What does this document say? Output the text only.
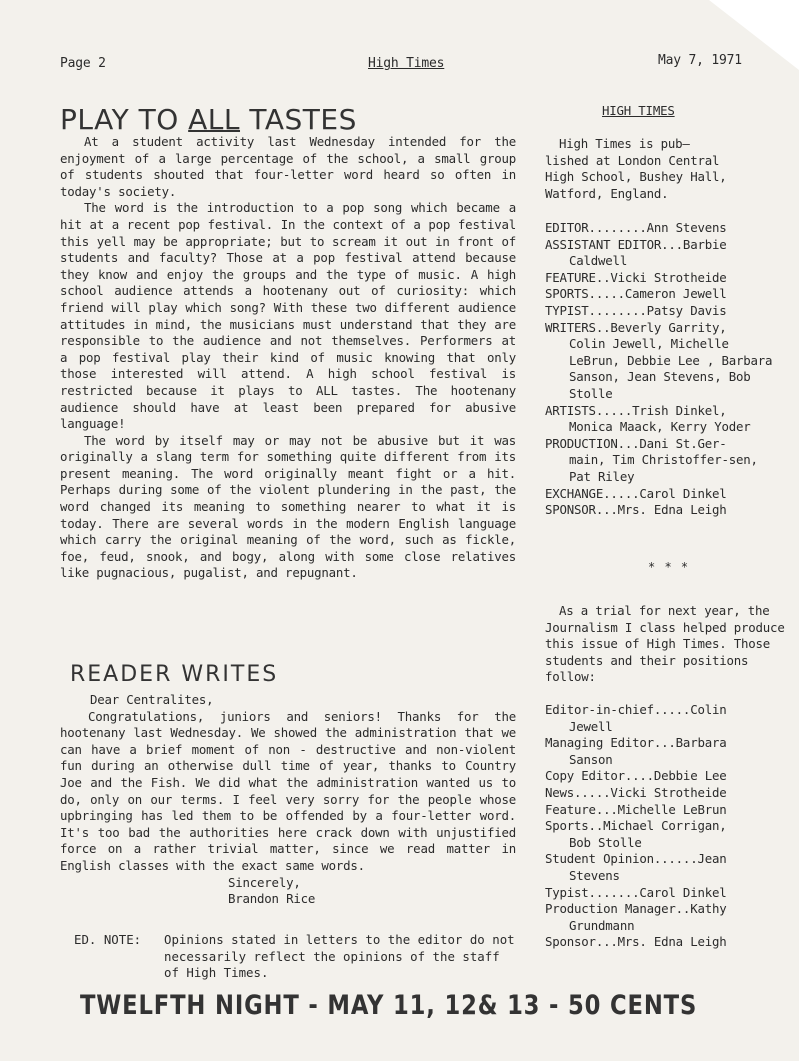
Page 2	High Times	May 7, 1971
PLAY TO ALL TASTES

At a student activity last Wednesday intended for the enjoyment of a large percentage of the school, a small group of students shouted that four-letter word heard so often in today's society.

The word is the introduction to a pop song which became a hit at a recent pop festival. In the context of a pop festival this yell may be appropriate; but to scream it out in front of students and faculty? Those at a pop festival attend because they know and enjoy the groups and the type of music. A high school audience attends a hootenany out of curiosity: which friend will play which song? With these two different audience attitudes in mind, the musicians must understand that they are responsible to the audience and not themselves. Performers at a pop festival play their kind of music knowing that only those interested will attend. A high school festival is restricted because it plays to ALL tastes. The hootenany audience should have at least been prepared for abusive language!

The word by itself may or may not be abusive but it was originally a slang term for something quite different from its present meaning. The word originally meant fight or a hit. Perhaps during some of the violent plundering in the past, the word changed its meaning to something nearer to what it is today. There are several words in the modern English language which carry the original meaning of the word, such as fickle, foe, feud, snook, and bogy, along with some close relatives like pugnacious, pugalist, and repugnant.

READER WRITES

Dear Centralites,

Congratulations, juniors and seniors! Thanks for the hootenany last Wednesday. We showed the administration that we can have a brief moment of non - destructive and non-violent fun during an otherwise dull time of year, thanks to Country Joe and the Fish. We did what the administration wanted us to do, only on our terms. I feel very sorry for the people whose upbringing has led them to be offended by a four-letter word. It's too bad the authorities here crack down with unjustified force on a rather trivial matter, since we read matter in English classes with the exact same words.

Sincerely,

Brandon Rice

ED. NOTE: Opinions stated in letters to the editor do not necessarily reflect the opinions of the staff of High Times.
TWELFTH NIGHT - MAY 11, 12& 13 - 50 CENTS
HIGH TIMES

High Times is pub—

lished at London Central

High School, Bushey Hall,

Watford, England.

EDITOR........Ann Stevens

ASSISTANT EDITOR...Barbie
Caldwell

FEATURE..Vicki Strotheide

SPORTS.....Cameron Jewell

TYPIST........Patsy Davis

WRITERS..Beverly Garrity,
Colin Jewell, Michelle LeBrun, Debbie Lee , Barbara Sanson, Jean Stevens, Bob Stolle

ARTISTS.....Trish Dinkel,
Monica Maack, Kerry Yoder

PRODUCTION...Dani St.Ger-
main, Tim Christoffer-sen, Pat Riley

EXCHANGE.....Carol Dinkel

SPONSOR...Mrs. Edna Leigh

* * *

As a trial for next year, the Journalism I class helped produce this issue of High Times. Those students and their positions follow:

Editor-in-chief.....Colin
Jewell

Managing Editor...Barbara
Sanson

Copy Editor....Debbie Lee

News.....Vicki Strotheide

Feature...Michelle LeBrun

Sports..Michael Corrigan,
Bob Stolle

Student Opinion......Jean
Stevens

Typist.......Carol Dinkel

Production Manager..Kathy
Grundmann

Sponsor...Mrs. Edna Leigh
